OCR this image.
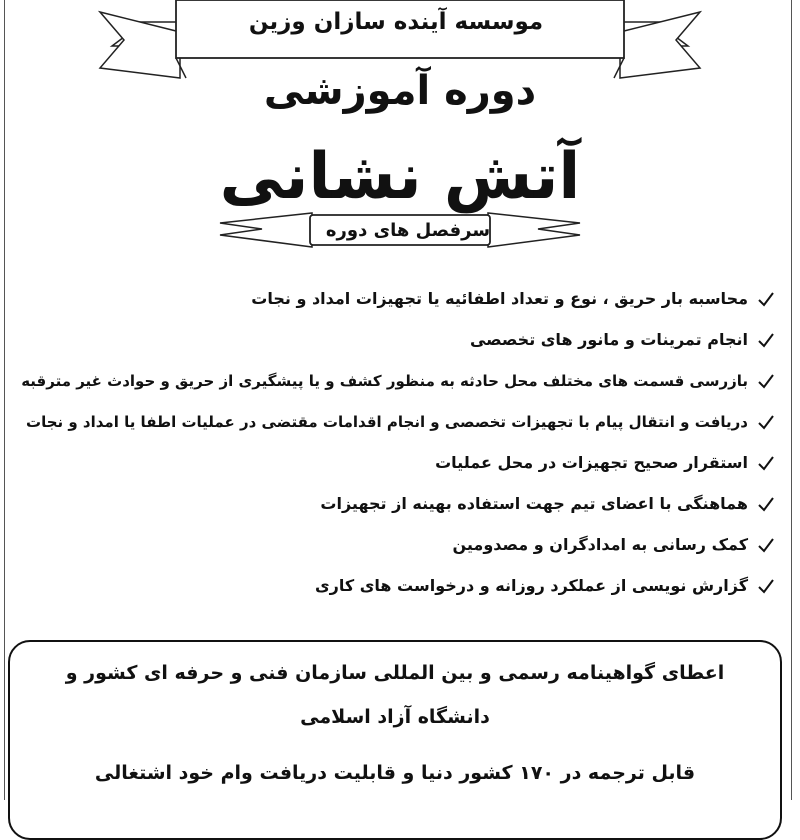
موسسه آینده سازان وزین
دوره آموزشی
آتش نشانی
سرفصل های دوره
محاسبه بار حریق ، نوع و تعداد اطفائیه یا تجهیزات امداد و نجات
انجام تمرینات و مانور های تخصصی
بازرسی قسمت های مختلف محل حادثه به منظور کشف و یا پیشگیری از حریق و حوادث غیر مترقبه
دریافت و انتقال پیام با تجهیزات تخصصی و انجام اقدامات مقتضی در عملیات اطفا یا امداد و نجات
استقرار صحیح تجهیزات در محل عملیات
هماهنگی با اعضای تیم جهت استفاده بهینه از تجهیزات
کمک رسانی به امدادگران و مصدومین
گزارش نویسی از عملکرد روزانه و درخواست های کاری
اعطای گواهینامه رسمی و بین المللی سازمان فنی و حرفه ای کشور و
دانشگاه آزاد اسلامی
قابل ترجمه در ۱۷۰ کشور دنیا و قابلیت دریافت وام خود اشتغالی
